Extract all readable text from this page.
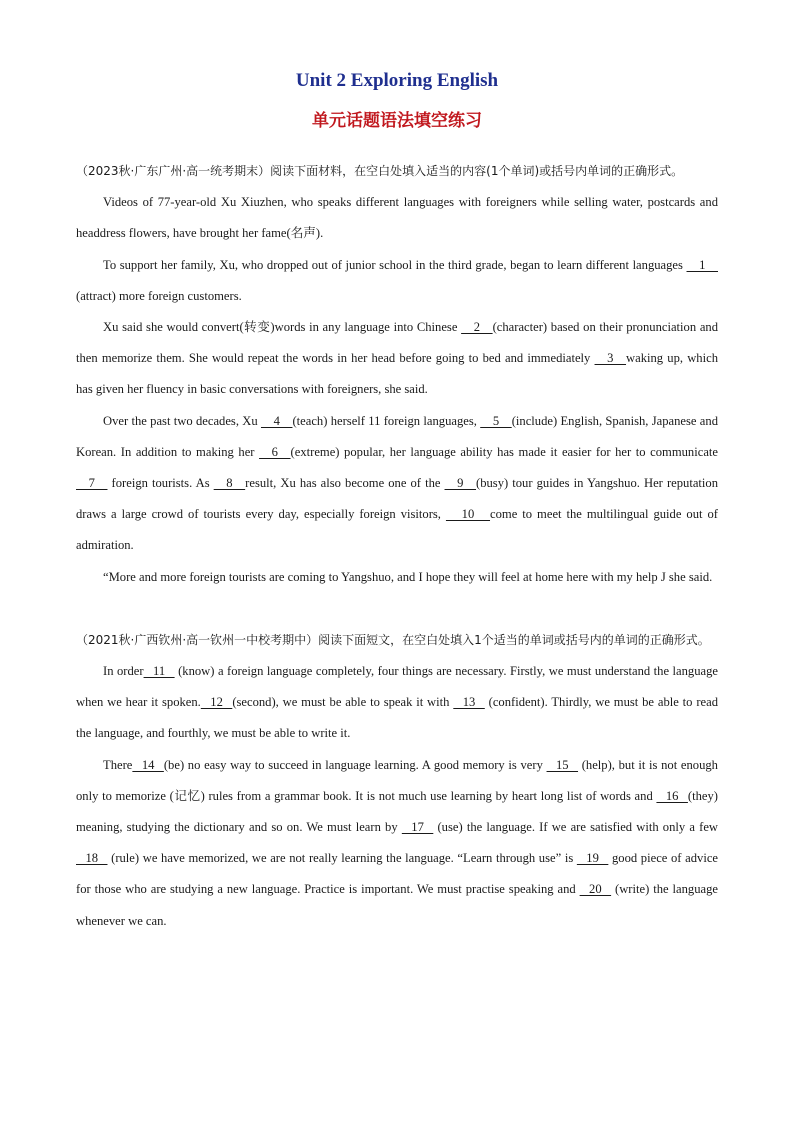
Unit 2 Exploring English
单元话题语法填空练习

（2023秋·广东广州·高一统考期末）阅读下面材料，在空白处填入适当的内容(1个单词)或括号内单词的正确形式。

Videos of 77-year-old Xu Xiuzhen, who speaks different languages with foreigners while selling water, postcards and headdress flowers, have brought her fame(名声).

To support her family, Xu, who dropped out of junior school in the third grade, began to learn different languages     1    (attract) more foreign customers.

Xu said she would convert(转变)words in any language into Chinese     2    (character) based on their pronunciation and then memorize them. She would repeat the words in her head before going to bed and immediately     3    waking up, which has given her fluency in basic conversations with foreigners, she said.

Over the past two decades, Xu     4    (teach) herself 11 foreign languages,     5    (include) English, Spanish, Japanese and Korean. In addition to making her     6    (extreme) popular, her language ability has made it easier for her to communicate     7     foreign tourists. As     8    result, Xu has also become one of the     9    (busy) tour guides in Yangshuo. Her reputation draws a large crowd of tourists every day, especially foreign visitors,      10     come to meet the multilingual guide out of admiration.

“More and more foreign tourists are coming to Yangshuo, and I hope they will feel at home here with my help J she said.

（2021秋·广西钦州·高一钦州一中校考期中）阅读下面短文，在空白处填入1个适当的单词或括号内的单词的正确形式。

In order   11    (know) a foreign language completely, four things are necessary. Firstly, we must understand the language when we hear it spoken.   12   (second), we must be able to speak it with    13    (confident). Thirdly, we must be able to read the language, and fourthly, we must be able to write it.

There   14   (be) no easy way to succeed in language learning. A good memory is very    15    (help), but it is not enough only to memorize (记忆) rules from a grammar book. It is not much use learning by heart long list of words and    16   (they) meaning, studying the dictionary and so on. We must learn by    17    (use) the language. If we are satisfied with only a few    18    (rule) we have memorized, we are not really learning the language. “Learn through use” is    19    good piece of advice for those who are studying a new language. Practice is important. We must practise speaking and    20    (write) the language whenever we can.
